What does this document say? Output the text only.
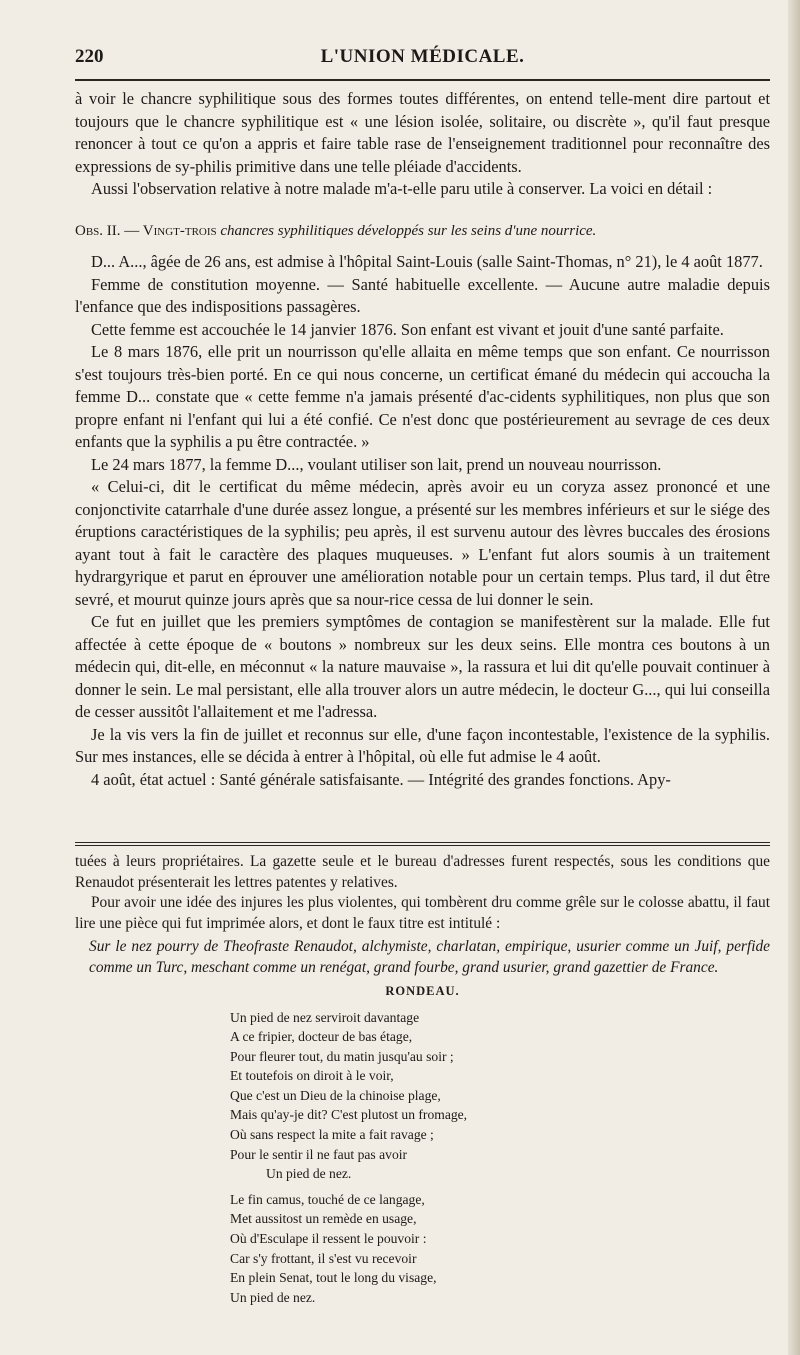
220	L'UNION MÉDICALE.

à voir le chancre syphilitique sous des formes toutes différentes, on entend telle-ment dire partout et toujours que le chancre syphilitique est « une lésion isolée, solitaire, ou discrète », qu'il faut presque renoncer à tout ce qu'on a appris et faire table rase de l'enseignement traditionnel pour reconnaître des expressions de sy-philis primitive dans une telle pléiade d'accidents.

Aussi l'observation relative à notre malade m'a-t-elle paru utile à conserver. La voici en détail :

Obs. II. — Vingt-trois chancres syphilitiques développés sur les seins d'une nourrice.

D... A..., âgée de 26 ans, est admise à l'hôpital Saint-Louis (salle Saint-Thomas, n° 21), le 4 août 1877.

Femme de constitution moyenne. — Santé habituelle excellente. — Aucune autre maladie depuis l'enfance que des indispositions passagères.

Cette femme est accouchée le 14 janvier 1876. Son enfant est vivant et jouit d'une santé parfaite.

Le 8 mars 1876, elle prit un nourrisson qu'elle allaita en même temps que son enfant. Ce nourrisson s'est toujours très-bien porté. En ce qui nous concerne, un certificat émané du médecin qui accoucha la femme D... constate que « cette femme n'a jamais présenté d'ac-cidents syphilitiques, non plus que son propre enfant ni l'enfant qui lui a été confié. Ce n'est donc que postérieurement au sevrage de ces deux enfants que la syphilis a pu être contractée. »

Le 24 mars 1877, la femme D..., voulant utiliser son lait, prend un nouveau nourrisson.

« Celui-ci, dit le certificat du même médecin, après avoir eu un coryza assez prononcé et une conjonctivite catarrhale d'une durée assez longue, a présenté sur les membres inférieurs et sur le siége des éruptions caractéristiques de la syphilis; peu après, il est survenu autour des lèvres buccales des érosions ayant tout à fait le caractère des plaques muqueuses. » L'enfant fut alors soumis à un traitement hydrargyrique et parut en éprouver une amélioration notable pour un certain temps. Plus tard, il dut être sevré, et mourut quinze jours après que sa nour-rice cessa de lui donner le sein.

Ce fut en juillet que les premiers symptômes de contagion se manifestèrent sur la malade. Elle fut affectée à cette époque de « boutons » nombreux sur les deux seins. Elle montra ces boutons à un médecin qui, dit-elle, en méconnut « la nature mauvaise », la rassura et lui dit qu'elle pouvait continuer à donner le sein. Le mal persistant, elle alla trouver alors un autre médecin, le docteur G..., qui lui conseilla de cesser aussitôt l'allaitement et me l'adressa.

Je la vis vers la fin de juillet et reconnus sur elle, d'une façon incontestable, l'existence de la syphilis. Sur mes instances, elle se décida à entrer à l'hôpital, où elle fut admise le 4 août.

4 août, état actuel : Santé générale satisfaisante. — Intégrité des grandes fonctions. Apy-

tuées à leurs propriétaires. La gazette seule et le bureau d'adresses furent respectés, sous les conditions que Renaudot présenterait les lettres patentes y relatives.

Pour avoir une idée des injures les plus violentes, qui tombèrent dru comme grêle sur le colosse abattu, il faut lire une pièce qui fut imprimée alors, et dont le faux titre est intitulé :

Sur le nez pourry de Theofraste Renaudot, alchymiste, charlatan, empirique, usurier comme un Juif, perfide comme un Turc, meschant comme un renégat, grand fourbe, grand usurier, grand gazettier de France.

RONDEAU.
Un pied de nez serviroit davantage
A ce fripier, docteur de bas étage,
Pour fleurer tout, du matin jusqu'au soir ;
Et toutefois on diroit à le voir,
Que c'est un Dieu de la chinoise plage,
Mais qu'ay-je dit? C'est plutost un fromage,
Où sans respect la mite a fait ravage ;
Pour le sentir il ne faut pas avoir
Un pied de nez.
Le fin camus, touché de ce langage,
Met aussitost un remède en usage,
Où d'Esculape il ressent le pouvoir :
Car s'y frottant, il s'est vu recevoir
En plein Senat, tout le long du visage,
Un pied de nez.
